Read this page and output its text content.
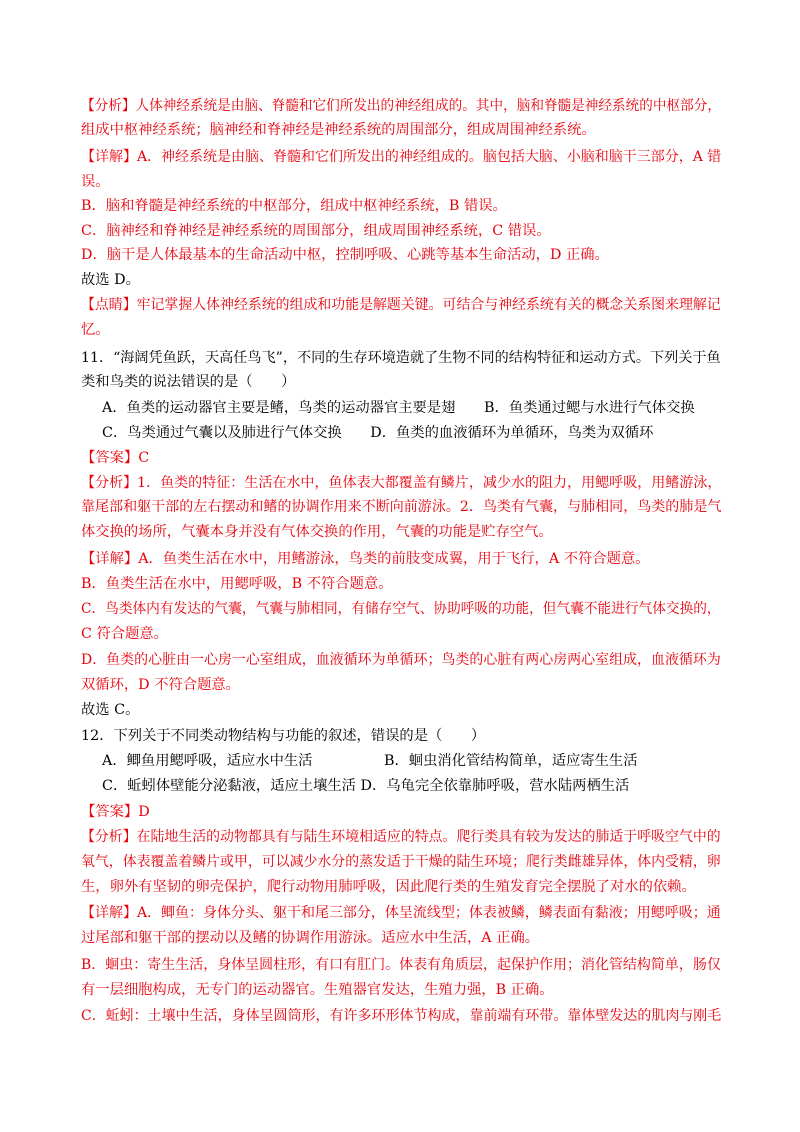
【分析】人体神经系统是由脑、脊髓和它们所发出的神经组成的。其中，脑和脊髓是神经系统的中枢部分，
组成中枢神经系统；脑神经和脊神经是神经系统的周围部分，组成周围神经系统。
【详解】A．神经系统是由脑、脊髓和它们所发出的神经组成的。脑包括大脑、小脑和脑干三部分，A 错
误。
B．脑和脊髓是神经系统的中枢部分，组成中枢神经系统，B 错误。
C．脑神经和脊神经是神经系统的周围部分，组成周围神经系统，C 错误。
D．脑干是人体最基本的生命活动中枢，控制呼吸、心跳等基本生命活动，D 正确。
故选 D。
【点睛】牢记掌握人体神经系统的组成和功能是解题关键。可结合与神经系统有关的概念关系图来理解记
忆。
11．“海阔凭鱼跃，天高任鸟飞”，不同的生存环境造就了生物不同的结构特征和运动方式。下列关于鱼
类和鸟类的说法错误的是（　　）
A．鱼类的运动器官主要是鳍，鸟类的运动器官主要是翅　　B．鱼类通过鳃与水进行气体交换
C．鸟类通过气囊以及肺进行气体交换　　D．鱼类的血液循环为单循环，鸟类为双循环
【答案】C
【分析】1．鱼类的特征：生活在水中，鱼体表大都覆盖有鳞片，减少水的阻力，用鳃呼吸，用鳍游泳，
靠尾部和躯干部的左右摆动和鳍的协调作用来不断向前游泳。2．鸟类有气囊，与肺相同，鸟类的肺是气
体交换的场所，气囊本身并没有气体交换的作用，气囊的功能是贮存空气。
【详解】A．鱼类生活在水中，用鳍游泳，鸟类的前肢变成翼，用于飞行，A 不符合题意。
B．鱼类生活在水中，用鳃呼吸，B 不符合题意。
C．鸟类体内有发达的气囊，气囊与肺相同，有储存空气、协助呼吸的功能，但气囊不能进行气体交换的，
C 符合题意。
D．鱼类的心脏由一心房一心室组成，血液循环为单循环；鸟类的心脏有两心房两心室组成，血液循环为
双循环，D 不符合题意。
故选 C。
12．下列关于不同类动物结构与功能的叙述，错误的是（　　）
A．鲫鱼用鳃呼吸，适应水中生活　　　　　B．蛔虫消化管结构简单，适应寄生生活
C．蚯蚓体壁能分泌黏液，适应土壤生活 D．乌龟完全依靠肺呼吸，营水陆两栖生活
【答案】D
【分析】在陆地生活的动物都具有与陆生环境相适应的特点。爬行类具有较为发达的肺适于呼吸空气中的
氧气，体表覆盖着鳞片或甲，可以减少水分的蒸发适于干燥的陆生环境；爬行类雌雄异体，体内受精，卵
生，卵外有坚韧的卵壳保护，爬行动物用肺呼吸，因此爬行类的生殖发育完全摆脱了对水的依赖。
【详解】A．鲫鱼：身体分头、躯干和尾三部分，体呈流线型；体表被鳞，鳞表面有黏液；用鳃呼吸；通
过尾部和躯干部的摆动以及鳍的协调作用游泳。适应水中生活，A 正确。
B．蛔虫：寄生生活，身体呈圆柱形，有口有肛门。体表有角质层，起保护作用；消化管结构简单，肠仅
有一层细胞构成，无专门的运动器官。生殖器官发达，生殖力强，B 正确。
C．蚯蚓：土壤中生活，身体呈圆筒形，有许多环形体节构成，靠前端有环带。靠体壁发达的肌肉与刚毛
